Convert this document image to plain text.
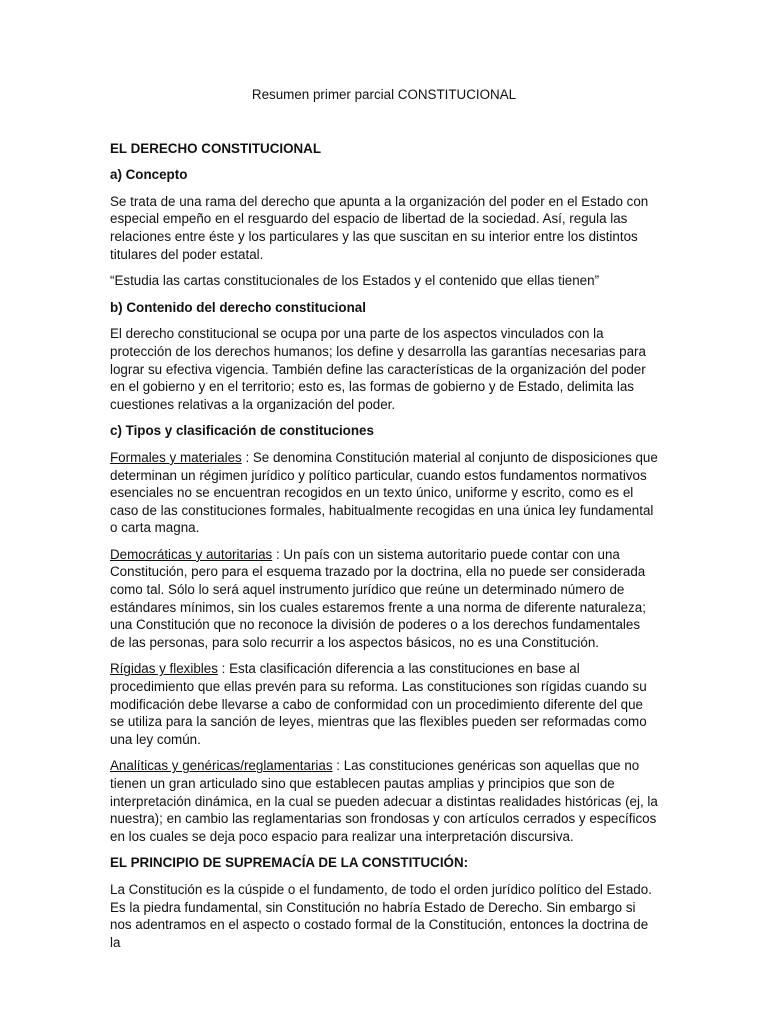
Resumen primer parcial CONSTITUCIONAL
EL DERECHO CONSTITUCIONAL
a) Concepto
Se trata de una rama del derecho que apunta a la organización del poder en el Estado con especial empeño en el resguardo del espacio de libertad de la sociedad. Así, regula las relaciones entre éste y los particulares y las que suscitan en su interior entre los distintos titulares del poder estatal.
“Estudia las cartas constitucionales de los Estados y el contenido que ellas tienen”
b) Contenido del derecho constitucional
El derecho constitucional se ocupa por una parte de los aspectos vinculados con la protección de los derechos humanos; los define y desarrolla las garantías necesarias para lograr su efectiva vigencia. También define las características de la organización del poder en el gobierno y en el territorio; esto es, las formas de gobierno y de Estado, delimita las cuestiones relativas a la organización del poder.
c) Tipos y clasificación de constituciones
Formales y materiales : Se denomina Constitución material al conjunto de disposiciones que determinan un régimen jurídico y político particular, cuando estos fundamentos normativos esenciales no se encuentran recogidos en un texto único, uniforme y escrito, como es el caso de las constituciones formales, habitualmente recogidas en una única ley fundamental o carta magna.
Democráticas y autoritarias : Un país con un sistema autoritario puede contar con una Constitución, pero para el esquema trazado por la doctrina, ella no puede ser considerada como tal. Sólo lo será aquel instrumento jurídico que reúne un determinado número de estándares mínimos, sin los cuales estaremos frente a una norma de diferente naturaleza; una Constitución que no reconoce la división de poderes o a los derechos fundamentales de las personas, para solo recurrir a los aspectos básicos, no es una Constitución.
Rígidas y flexibles : Esta clasificación diferencia a las constituciones en base al procedimiento que ellas prevén para su reforma. Las constituciones son rígidas cuando su modificación debe llevarse a cabo de conformidad con un procedimiento diferente del que se utiliza para la sanción de leyes, mientras que las flexibles pueden ser reformadas como una ley común.
Analíticas y genéricas/reglamentarias : Las constituciones genéricas son aquellas que no tienen un gran articulado sino que establecen pautas amplias y principios que son de interpretación dinámica, en la cual se pueden adecuar a distintas realidades históricas (ej, la nuestra); en cambio las reglamentarias son frondosas y con artículos cerrados y específicos en los cuales se deja poco espacio para realizar una interpretación discursiva.
EL PRINCIPIO DE SUPREMACÍA DE LA CONSTITUCIÓN:
La Constitución es la cúspide o el fundamento, de todo el orden jurídico político del Estado. Es la piedra fundamental, sin Constitución no habría Estado de Derecho. Sin embargo si nos adentramos en el aspecto o costado formal de la Constitución, entonces la doctrina de la
